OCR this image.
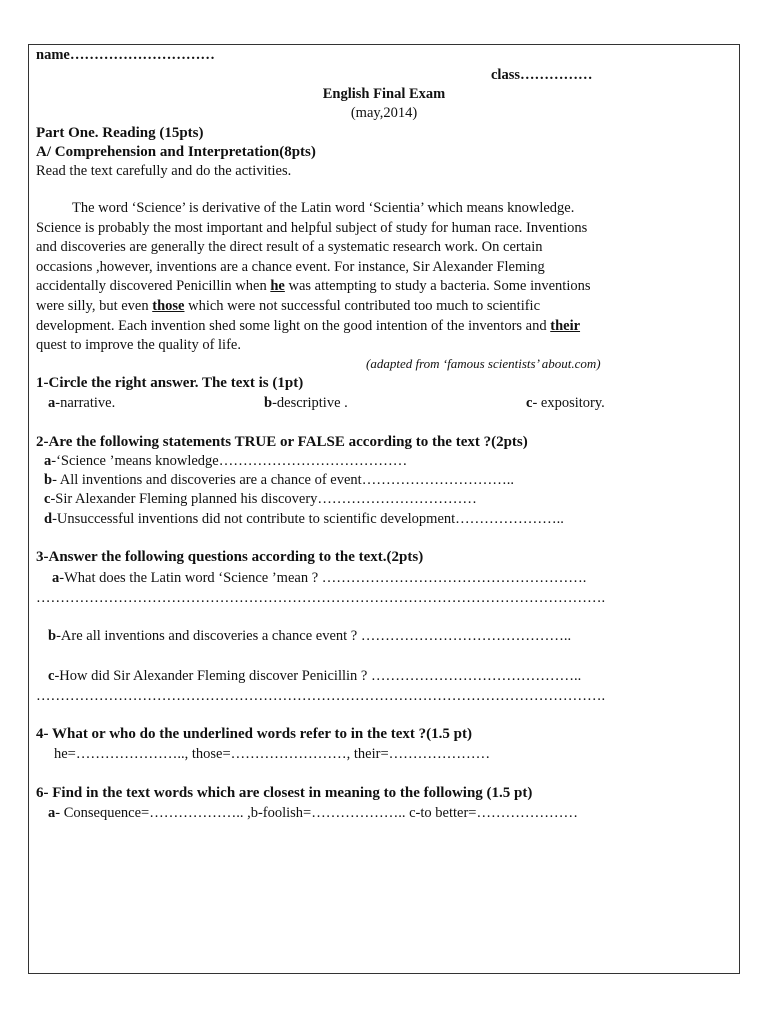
name…………………………
class……………
English Final Exam
(may,2014)
Part One. Reading (15pts)
A/ Comprehension and Interpretation(8pts)
Read the text carefully and do the activities.
The word ‘Science’ is derivative of the Latin word ‘Scientia’ which means knowledge.
Science is probably the most important and helpful subject of study for human race. Inventions
and discoveries are generally the direct result of a systematic research work. On certain
occasions ,however, inventions are a chance event. For instance, Sir Alexander Fleming
accidentally discovered Penicillin when he was attempting to study a bacteria. Some inventions
were silly, but even those which were not successful contributed too much to scientific
development. Each invention shed some light on the good intention of the inventors and their
quest to improve the quality of life.
(adapted from ‘famous scientists’ about.com)
1-Circle the right answer. The text is (1pt)
a-narrative.	b-descriptive .	c- expository.
2-Are the following statements TRUE or FALSE according to the text ?(2pts)
a-‘Science ’means knowledge…………………………………
b- All inventions and discoveries are a chance of event…………………………..
c-Sir Alexander Fleming planned his discovery……………………………
d-Unsuccessful inventions did not contribute to scientific development…………………..
3-Answer the following questions according to the text.(2pts)
a-What does the Latin word ‘Science ’mean ? ……………………………………………….
……………………………………………………………………………………………………….
b-Are all inventions and discoveries a chance event ? ……………………………………..
c-How did Sir Alexander Fleming discover Penicillin ? ……………………………………..
……………………………………………………………………………………………………….
4- What or who do the underlined words refer to in the text ?(1.5 pt)
he=………………….., those=……………………, their=…………………
6- Find in the text words which are closest in meaning to the following (1.5 pt)
a- Consequence=……………….. ,b-foolish=……………….. c-to better=…………………
